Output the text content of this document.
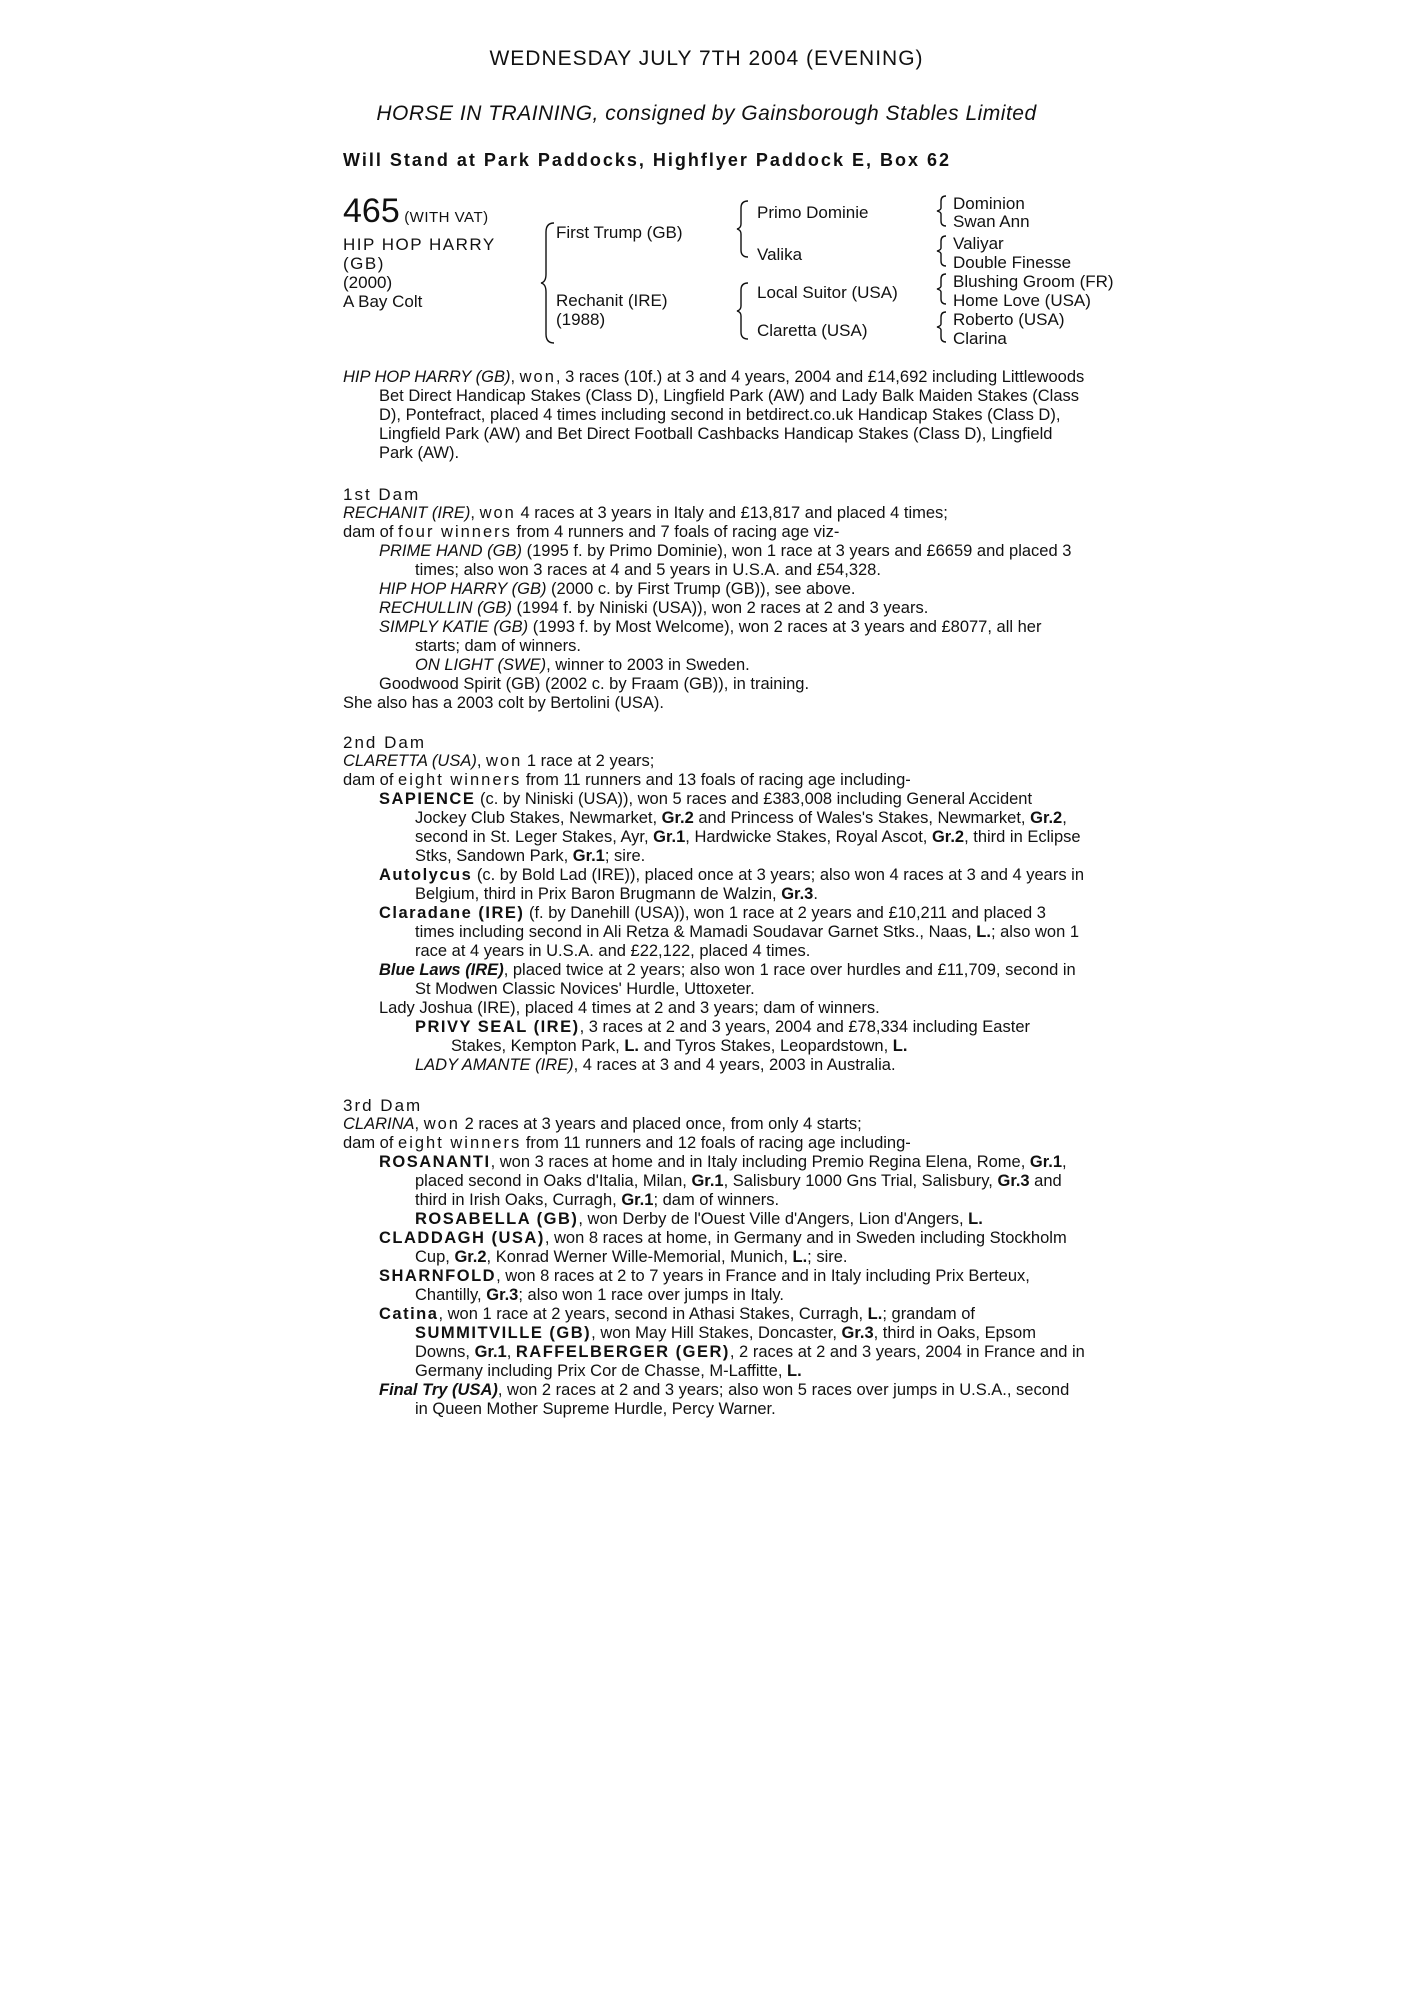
WEDNESDAY JULY 7TH 2004 (EVENING)
HORSE IN TRAINING, consigned by Gainsborough Stables Limited
Will Stand at Park Paddocks, Highflyer Paddock E, Box 62
465 (WITH VAT)
HIP HOP HARRY
(GB)
(2000)
A Bay Colt
First Trump (GB)
Rechanit (IRE)
(1988)
Primo Dominie
Valika
Local Suitor (USA)
Claretta (USA)
Dominion
Swan Ann
Valiyar
Double Finesse
Blushing Groom (FR)
Home Love (USA)
Roberto (USA)
Clarina

HIP HOP HARRY (GB), won, 3 races (10f.) at 3 and 4 years, 2004 and £14,692 including Littlewoods Bet Direct Handicap Stakes (Class D), Lingfield Park (AW) and Lady Balk Maiden Stakes (Class D), Pontefract, placed 4 times including second in betdirect.co.uk Handicap Stakes (Class D), Lingfield Park (AW) and Bet Direct Football Cashbacks Handicap Stakes (Class D), Lingfield Park (AW).

1st Dam

RECHANIT (IRE), won 4 races at 3 years in Italy and £13,817 and placed 4 times;

dam of four winners from 4 runners and 7 foals of racing age viz-

PRIME HAND (GB) (1995 f. by Primo Dominie), won 1 race at 3 years and £6659 and placed 3 times; also won 3 races at 4 and 5 years in U.S.A. and £54,328.

HIP HOP HARRY (GB) (2000 c. by First Trump (GB)), see above.

RECHULLIN (GB) (1994 f. by Niniski (USA)), won 2 races at 2 and 3 years.

SIMPLY KATIE (GB) (1993 f. by Most Welcome), won 2 races at 3 years and £8077, all her starts; dam of winners.

ON LIGHT (SWE), winner to 2003 in Sweden.

Goodwood Spirit (GB) (2002 c. by Fraam (GB)), in training.

She also has a 2003 colt by Bertolini (USA).

2nd Dam

CLARETTA (USA), won 1 race at 2 years;

dam of eight winners from 11 runners and 13 foals of racing age including-

SAPIENCE (c. by Niniski (USA)), won 5 races and £383,008 including General Accident Jockey Club Stakes, Newmarket, Gr.2 and Princess of Wales's Stakes, Newmarket, Gr.2, second in St. Leger Stakes, Ayr, Gr.1, Hardwicke Stakes, Royal Ascot, Gr.2, third in Eclipse Stks, Sandown Park, Gr.1; sire.

Autolycus (c. by Bold Lad (IRE)), placed once at 3 years; also won 4 races at 3 and 4 years in Belgium, third in Prix Baron Brugmann de Walzin, Gr.3.

Claradane (IRE) (f. by Danehill (USA)), won 1 race at 2 years and £10,211 and placed 3 times including second in Ali Retza & Mamadi Soudavar Garnet Stks., Naas, L.; also won 1 race at 4 years in U.S.A. and £22,122, placed 4 times.

Blue Laws (IRE), placed twice at 2 years; also won 1 race over hurdles and £11,709, second in St Modwen Classic Novices' Hurdle, Uttoxeter.

Lady Joshua (IRE), placed 4 times at 2 and 3 years; dam of winners.

PRIVY SEAL (IRE), 3 races at 2 and 3 years, 2004 and £78,334 including Easter Stakes, Kempton Park, L. and Tyros Stakes, Leopardstown, L.

LADY AMANTE (IRE), 4 races at 3 and 4 years, 2003 in Australia.

3rd Dam

CLARINA, won 2 races at 3 years and placed once, from only 4 starts;

dam of eight winners from 11 runners and 12 foals of racing age including-

ROSANANTI, won 3 races at home and in Italy including Premio Regina Elena, Rome, Gr.1, placed second in Oaks d'Italia, Milan, Gr.1, Salisbury 1000 Gns Trial, Salisbury, Gr.3 and third in Irish Oaks, Curragh, Gr.1; dam of winners.

ROSABELLA (GB), won Derby de l'Ouest Ville d'Angers, Lion d'Angers, L.

CLADDAGH (USA), won 8 races at home, in Germany and in Sweden including Stockholm Cup, Gr.2, Konrad Werner Wille-Memorial, Munich, L.; sire.

SHARNFOLD, won 8 races at 2 to 7 years in France and in Italy including Prix Berteux, Chantilly, Gr.3; also won 1 race over jumps in Italy.

Catina, won 1 race at 2 years, second in Athasi Stakes, Curragh, L.; grandam of SUMMITVILLE (GB), won May Hill Stakes, Doncaster, Gr.3, third in Oaks, Epsom Downs, Gr.1, RAFFELBERGER (GER), 2 races at 2 and 3 years, 2004 in France and in Germany including Prix Cor de Chasse, M-Laffitte, L.

Final Try (USA), won 2 races at 2 and 3 years; also won 5 races over jumps in U.S.A., second in Queen Mother Supreme Hurdle, Percy Warner.
